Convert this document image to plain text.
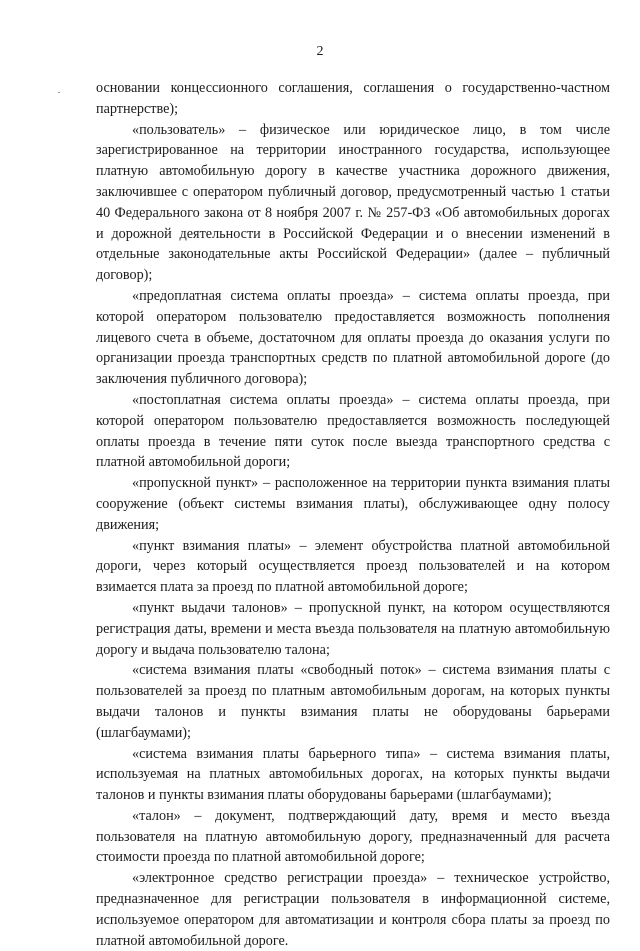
2

основании концессионного соглашения, соглашения о государственно-частном партнерстве);

«пользователь» – физическое или юридическое лицо, в том числе зарегистрированное на территории иностранного государства, использующее платную автомобильную дорогу в качестве участника дорожного движения, заключившее с оператором публичный договор, предусмотренный частью 1 статьи 40 Федерального закона от 8 ноября 2007 г. № 257-ФЗ «Об автомобильных дорогах и дорожной деятельности в Российской Федерации и о внесении изменений в отдельные законодательные акты Российской Федерации» (далее – публичный договор);

«предоплатная система оплаты проезда» – система оплаты проезда, при которой оператором пользователю предоставляется возможность пополнения лицевого счета в объеме, достаточном для оплаты проезда до оказания услуги по организации проезда транспортных средств по платной автомобильной дороге (до заключения публичного договора);

«постоплатная система оплаты проезда» – система оплаты проезда, при которой оператором пользователю предоставляется возможность последующей оплаты проезда в течение пяти суток после выезда транспортного средства с платной автомобильной дороги;

«пропускной пункт» – расположенное на территории пункта взимания платы сооружение (объект системы взимания платы), обслуживающее одну полосу движения;

«пункт взимания платы» – элемент обустройства платной автомобильной дороги, через который осуществляется проезд пользователей и на котором взимается плата за проезд по платной автомобильной дороге;

«пункт выдачи талонов» – пропускной пункт, на котором осуществляются регистрация даты, времени и места въезда пользователя на платную автомобильную дорогу и выдача пользователю талона;

«система взимания платы «свободный поток» – система взимания платы с пользователей за проезд по платным автомобильным дорогам, на которых пункты выдачи талонов и пункты взимания платы не оборудованы барьерами (шлагбаумами);

«система взимания платы барьерного типа» – система взимания платы, используемая на платных автомобильных дорогах, на которых пункты выдачи талонов и пункты взимания платы оборудованы барьерами (шлагбаумами);

«талон» – документ, подтверждающий дату, время и место въезда пользователя на платную автомобильную дорогу, предназначенный для расчета стоимости проезда по платной автомобильной дороге;

«электронное средство регистрации проезда» – техническое устройство, предназначенное для регистрации пользователя в информационной системе, используемое оператором для автоматизации и контроля сбора платы за проезд по платной автомобильной дороге.
